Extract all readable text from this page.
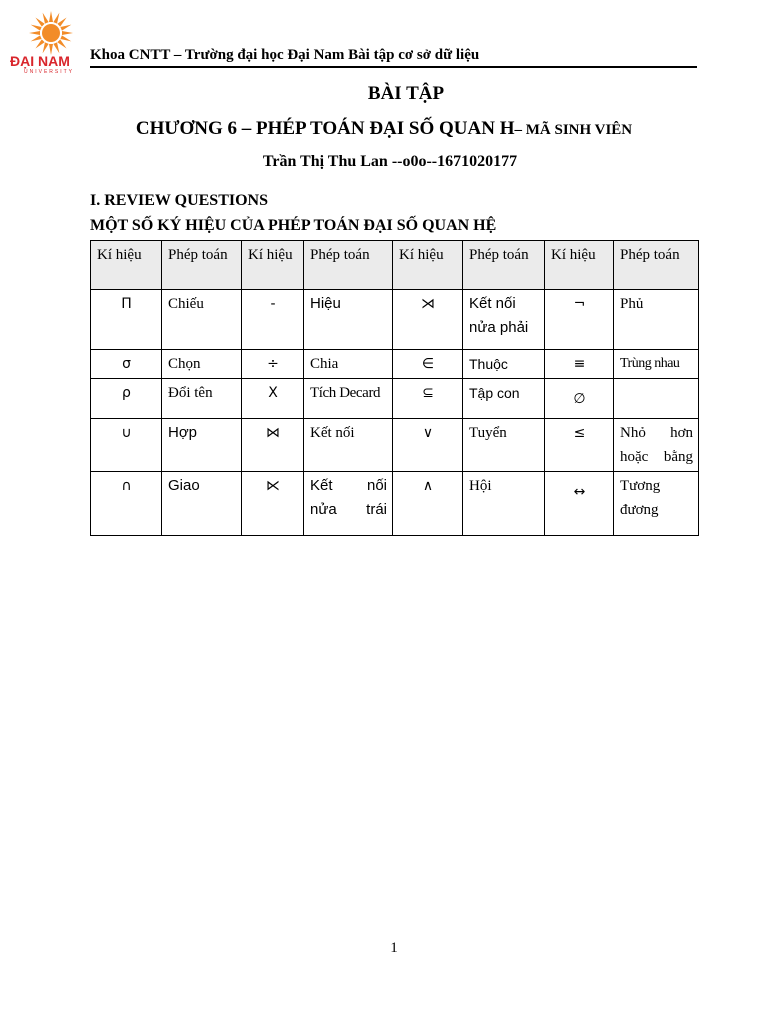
ĐẠI NAM
UNIVERSITY
Khoa CNTT – Trường đại học Đại Nam Bài tập cơ sở dữ liệu
BÀI TẬP
CHƯƠNG 6 – PHÉP TOÁN ĐẠI SỐ QUAN H– MÃ SINH VIÊN
Trần Thị Thu Lan --o0o--1671020177
I. REVIEW QUESTIONS
MỘT SỐ KÝ HIỆU CỦA PHÉP TOÁN ĐẠI SỐ QUAN HỆ
Kí hiệu	Phép toán	Kí hiệu	Phép toán	Kí hiệu	Phép toán	Kí hiệu	Phép toán
Π	Chiếu	-	Hiệu	⋊	Kết nối nửa phải	¬	Phủ
σ	Chọn	÷	Chia	∈	Thuộc	≡	Trùng nhau
ρ	Đổi tên	X	Tích Decard	⊆	Tập con	∅	
∪	Hợp	⋈	Kết nối	∨	Tuyển	≤	Nhỏ hơn hoặc bằng
∩	Giao	⋉	Kết nối nửa trái	∧	Hội	↔	Tương đương
1
